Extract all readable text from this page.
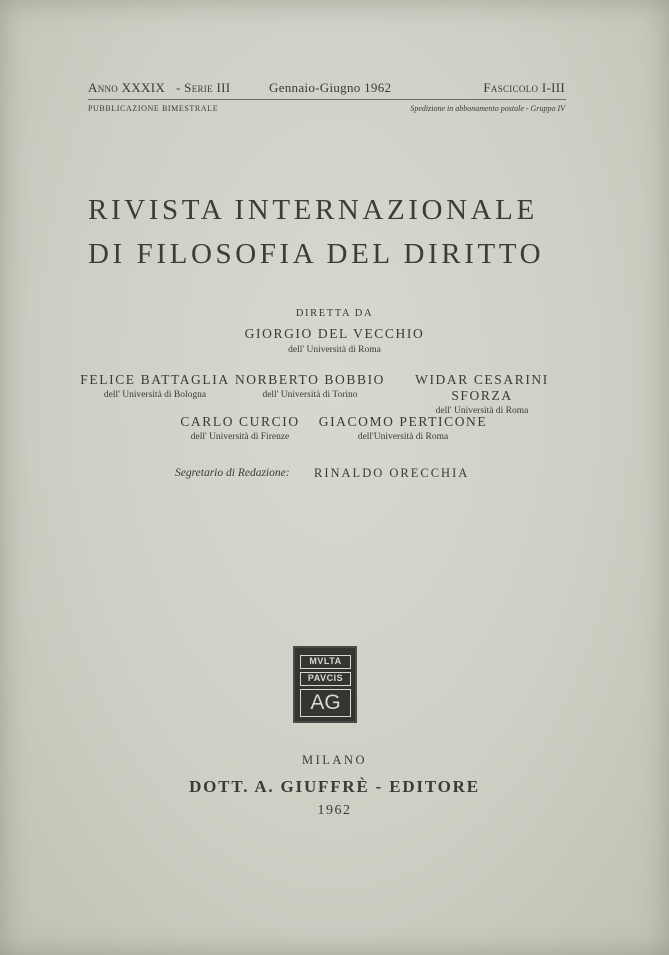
Anno XXXIX - Serie III	Gennaio-Giugno 1962	Fascicolo I-III
PUBBLICAZIONE BIMESTRALE	Spedizione in abbonamento postale - Gruppo IV
RIVISTA INTERNAZIONALE
DI FILOSOFIA DEL DIRITTO
DIRETTA DA
GIORGIO DEL VECCHIO
dell' Università di Roma
FELICE BATTAGLIA
dell' Università di Bologna
NORBERTO BOBBIO
dell' Università di Torino
WIDAR CESARINI SFORZA
dell' Università di Roma
CARLO CURCIO
dell' Università di Firenze
GIACOMO PERTICONE
dell'Università di Roma
Segretario di Redazione: RINALDO ORECCHIA
MVLTA
PAVCIS
AG
MILANO
DOTT. A. GIUFFRÈ - EDITORE
1962
